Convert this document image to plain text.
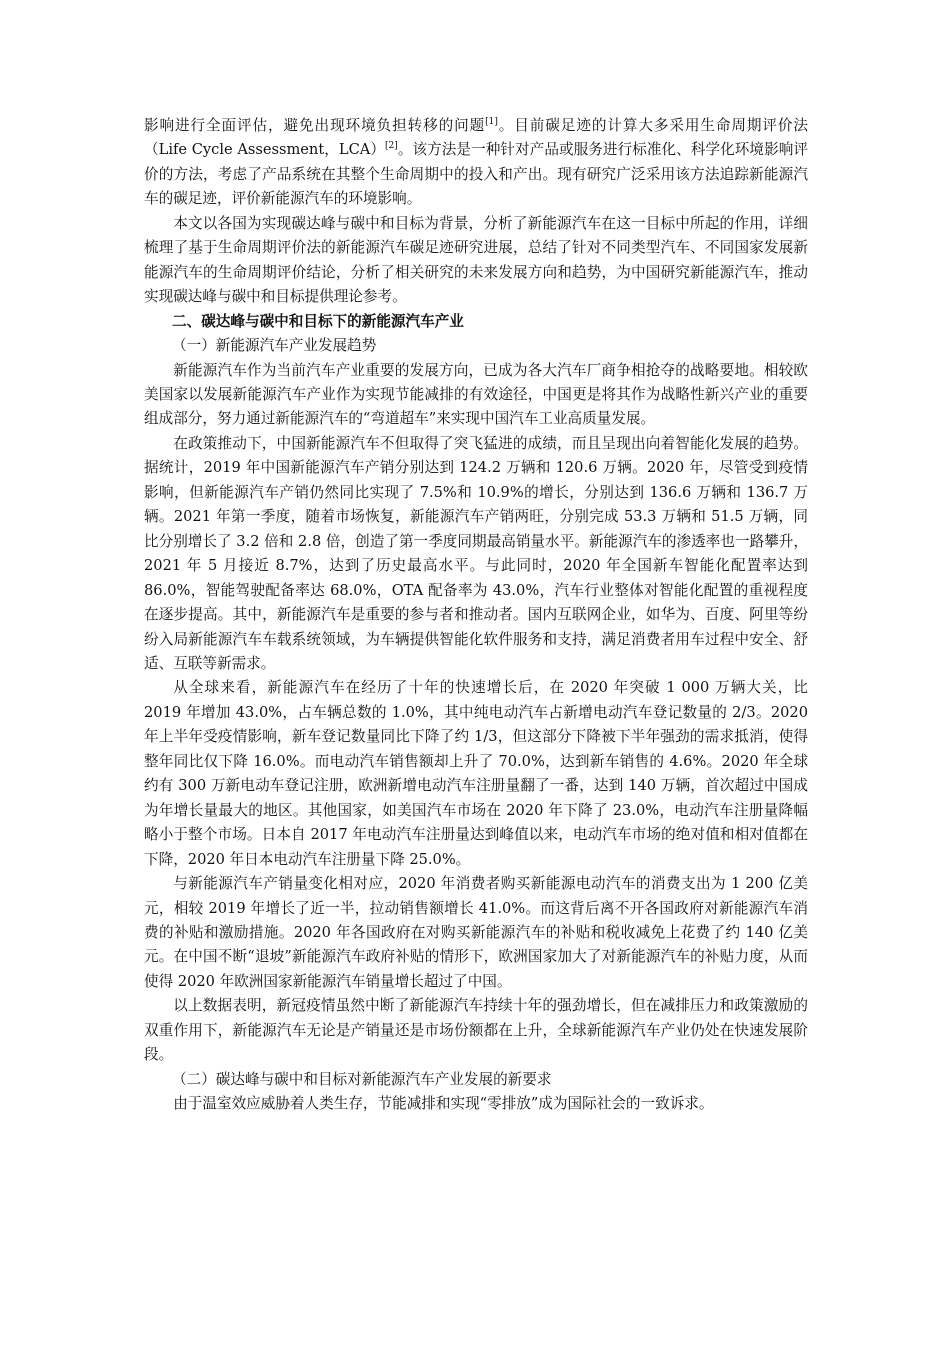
影响进行全面评估，避免出现环境负担转移的问题[1]。目前碳足迹的计算大多采用生命周期评价法（Life Cycle Assessment，LCA）[2]。该方法是一种针对产品或服务进行标准化、科学化环境影响评价的方法，考虑了产品系统在其整个生命周期中的投入和产出。现有研究广泛采用该方法追踪新能源汽车的碳足迹，评价新能源汽车的环境影响。

本文以各国为实现碳达峰与碳中和目标为背景，分析了新能源汽车在这一目标中所起的作用，详细梳理了基于生命周期评价法的新能源汽车碳足迹研究进展，总结了针对不同类型汽车、不同国家发展新能源汽车的生命周期评价结论，分析了相关研究的未来发展方向和趋势，为中国研究新能源汽车，推动实现碳达峰与碳中和目标提供理论参考。

二、碳达峰与碳中和目标下的新能源汽车产业

（一）新能源汽车产业发展趋势

新能源汽车作为当前汽车产业重要的发展方向，已成为各大汽车厂商争相抢夺的战略要地。相较欧美国家以发展新能源汽车产业作为实现节能减排的有效途径，中国更是将其作为战略性新兴产业的重要组成部分，努力通过新能源汽车的“弯道超车”来实现中国汽车工业高质量发展。

在政策推动下，中国新能源汽车不但取得了突飞猛进的成绩，而且呈现出向着智能化发展的趋势。据统计，2019 年中国新能源汽车产销分别达到 124.2 万辆和 120.6 万辆。2020 年，尽管受到疫情影响，但新能源汽车产销仍然同比实现了 7.5%和 10.9%的增长，分别达到 136.6 万辆和 136.7 万辆。2021 年第一季度，随着市场恢复，新能源汽车产销两旺，分别完成 53.3 万辆和 51.5 万辆，同比分别增长了 3.2 倍和 2.8 倍，创造了第一季度同期最高销量水平。新能源汽车的渗透率也一路攀升，2021 年 5 月接近 8.7%，达到了历史最高水平。与此同时，2020 年全国新车智能化配置率达到 86.0%，智能驾驶配备率达 68.0%，OTA 配备率为 43.0%，汽车行业整体对智能化配置的重视程度在逐步提高。其中，新能源汽车是重要的参与者和推动者。国内互联网企业，如华为、百度、阿里等纷纷入局新能源汽车车载系统领域，为车辆提供智能化软件服务和支持，满足消费者用车过程中安全、舒适、互联等新需求。

从全球来看，新能源汽车在经历了十年的快速增长后，在 2020 年突破 1 000 万辆大关，比 2019 年增加 43.0%，占车辆总数的 1.0%，其中纯电动汽车占新增电动汽车登记数量的 2/3。2020 年上半年受疫情影响，新车登记数量同比下降了约 1/3，但这部分下降被下半年强劲的需求抵消，使得整年同比仅下降 16.0%。而电动汽车销售额却上升了 70.0%，达到新车销售的 4.6%。2020 年全球约有 300 万新电动车登记注册，欧洲新增电动汽车注册量翻了一番，达到 140 万辆，首次超过中国成为年增长量最大的地区。其他国家，如美国汽车市场在 2020 年下降了 23.0%，电动汽车注册量降幅略小于整个市场。日本自 2017 年电动汽车注册量达到峰值以来，电动汽车市场的绝对值和相对值都在下降，2020 年日本电动汽车注册量下降 25.0%。

与新能源汽车产销量变化相对应，2020 年消费者购买新能源电动汽车的消费支出为 1 200 亿美元，相较 2019 年增长了近一半，拉动销售额增长 41.0%。而这背后离不开各国政府对新能源汽车消费的补贴和激励措施。2020 年各国政府在对购买新能源汽车的补贴和税收减免上花费了约 140 亿美元。在中国不断“退坡”新能源汽车政府补贴的情形下，欧洲国家加大了对新能源汽车的补贴力度，从而使得 2020 年欧洲国家新能源汽车销量增长超过了中国。

以上数据表明，新冠疫情虽然中断了新能源汽车持续十年的强劲增长，但在减排压力和政策激励的双重作用下，新能源汽车无论是产销量还是市场份额都在上升，全球新能源汽车产业仍处在快速发展阶段。

（二）碳达峰与碳中和目标对新能源汽车产业发展的新要求

由于温室效应威胁着人类生存，节能减排和实现“零排放”成为国际社会的一致诉求。
